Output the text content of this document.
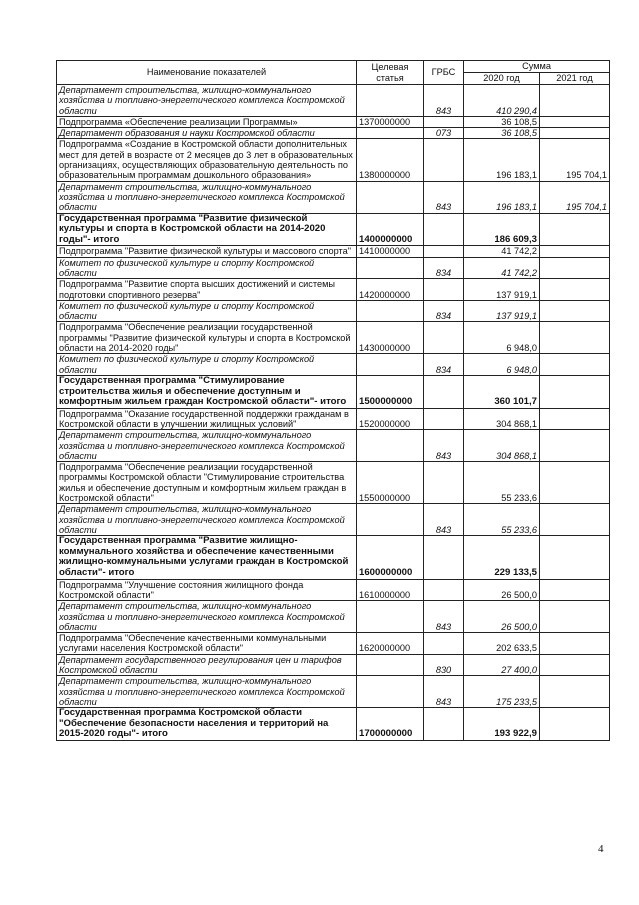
Наименование показателей	Целевая статья	ГРБС	Сумма	
			2020 год	2021 год
Департамент строительства, жилищно-коммунального хозяйства и топливно-энергетического комплекса Костромской области		843	410 290,4	
Подпрограмма «Обеспечение реализации Программы»	1370000000		36 108,5	
Департамент образования и науки Костромской области		073	36 108,5	
Подпрограмма «Создание в Костромской области дополнительных мест для детей в возрасте от 2 месяцев до 3 лет в образовательных организациях, осуществляющих образовательную деятельность по образовательным программам дошкольного образования»	1380000000		196 183,1	195 704,1
Департамент строительства, жилищно-коммунального хозяйства и топливно-энергетического комплекса Костромской области		843	196 183,1	195 704,1
Государственная программа "Развитие физической культуры и спорта в Костромской области на 2014-2020 годы"- итого	1400000000		186 609,3	
Подпрограмма "Развитие физической культуры и массового спорта"	1410000000		41 742,2	
Комитет по физической культуре и спорту Костромской области		834	41 742,2	
Подпрограмма "Развитие спорта высших достижений и системы подготовки спортивного резерва"	1420000000		137 919,1	
Комитет по физической культуре и спорту Костромской области		834	137 919,1	
Подпрограмма "Обеспечение реализации государственной программы "Развитие физической культуры и спорта в Костромской области на 2014-2020 годы"	1430000000		6 948,0	
Комитет по физической культуре и спорту Костромской области		834	6 948,0	
Государственная программа "Стимулирование строительства жилья и обеспечение доступным и комфортным жильем граждан Костромской области"- итого	1500000000		360 101,7	
Подпрограмма "Оказание государственной поддержки гражданам в Костромской области в улучшении жилищных условий"	1520000000		304 868,1	
Департамент строительства, жилищно-коммунального хозяйства и топливно-энергетического комплекса Костромской области		843	304 868,1	
Подпрограмма "Обеспечение реализации государственной программы Костромской области "Стимулирование строительства жилья и обеспечение доступным и комфортным жильем граждан в Костромской области"	1550000000		55 233,6	
Департамент строительства, жилищно-коммунального хозяйства и топливно-энергетического комплекса Костромской области		843	55 233,6	
Государственная программа "Развитие жилищно-коммунального хозяйства и обеспечение качественными жилищно-коммунальными услугами граждан в Костромской области"- итого	1600000000		229 133,5	
Подпрограмма "Улучшение состояния жилищного фонда Костромской области"	1610000000		26 500,0	
Департамент строительства, жилищно-коммунального хозяйства и топливно-энергетического комплекса Костромской области		843	26 500,0	
Подпрограмма "Обеспечение качественными коммунальными услугами населения Костромской области"	1620000000		202 633,5	
Департамент государственного регулирования цен и тарифов Костромской области		830	27 400,0	
Департамент строительства, жилищно-коммунального хозяйства и топливно-энергетического комплекса Костромской области		843	175 233,5	
Государственная программа Костромской области "Обеспечение безопасности населения и территорий на 2015-2020 годы"- итого	1700000000		193 922,9	
4
